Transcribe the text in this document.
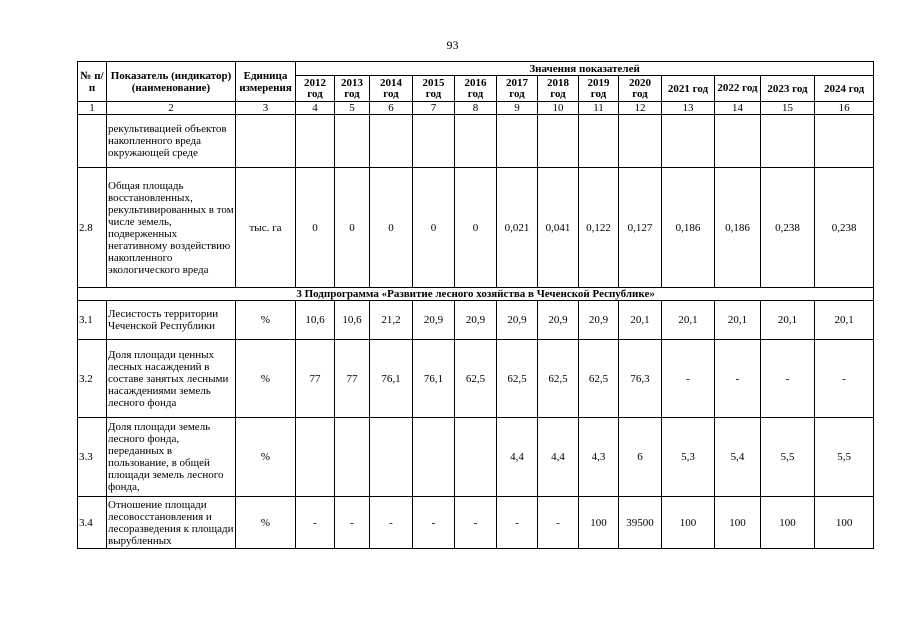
93
№ п/п	Показатель (индикатор) (наименование)	Единица измерения	Значения показателей												
			2012 год	2013 год	2014 год	2015 год	2016 год	2017 год	2018 год	2019 год	2020 год	2021 год	2022 год	2023 год	2024 год
1	2	3	4	5	6	7	8	9	10	11	12	13	14	15	16
	рекультивацией объектов накопленного вреда окружающей среде														
2.8	Общая площадь восстановленных, рекультивированных в том числе земель, подверженных негативному воздействию накопленного экологического вреда	тыс. га	0	0	0	0	0	0,021	0,041	0,122	0,127	0,186	0,186	0,238	0,238
3 Подпрограмма «Развитие лесного хозяйства в Чеченской Республике»															
3.1	Лесистость территории Чеченской Республики	%	10,6	10,6	21,2	20,9	20,9	20,9	20,9	20,9	20,1	20,1	20,1	20,1	20,1
3.2	Доля площади ценных лесных насаждений в составе занятых лесными насаждениями земель лесного фонда	%	77	77	76,1	76,1	62,5	62,5	62,5	62,5	76,3	-	-	-	-
3.3	Доля площади земель лесного фонда, переданных в пользование, в общей площади земель лесного фонда,	%						4,4	4,4	4,3	6	5,3	5,4	5,5	5,5
3.4	Отношение площади лесовосстановления и лесоразведения к площади вырубленных	%	-	-	-	-	-	-	-	100	39500	100	100	100	100
